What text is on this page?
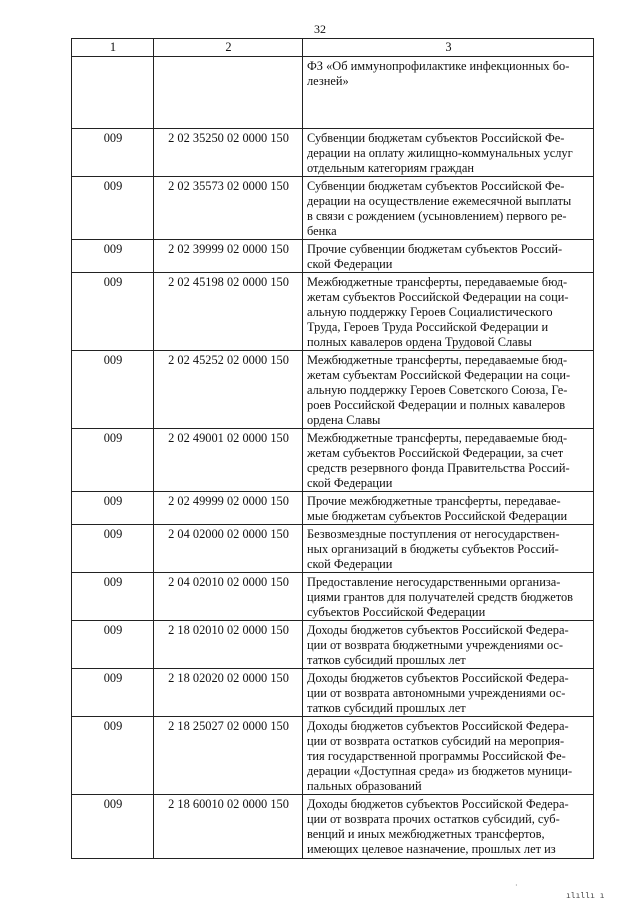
32
1	2	3

		ФЗ «Об иммунопрофилактике инфекционных бо-
лезней»

009	2 02 35250 02 0000 150	Субвенции бюджетам субъектов Российской Фе-
дерации на оплату жилищно-коммунальных услуг
отдельным категориям граждан

009	2 02 35573 02 0000 150	Субвенции бюджетам субъектов Российской Фе-
дерации на осуществление ежемесячной выплаты
в связи с рождением (усыновлением) первого ре-
бенка

009	2 02 39999 02 0000 150	Прочие субвенции бюджетам субъектов Россий-
ской Федерации

009	2 02 45198 02 0000 150	Межбюджетные трансферты, передаваемые бюд-
жетам субъектов Российской Федерации на соци-
альную поддержку Героев Социалистического
Труда, Героев Труда Российской Федерации и
полных кавалеров ордена Трудовой Славы

009	2 02 45252 02 0000 150	Межбюджетные трансферты, передаваемые бюд-
жетам субъектам Российской Федерации на соци-
альную поддержку Героев Советского Союза, Ге-
роев Российской Федерации и полных кавалеров
ордена Славы

009	2 02 49001 02 0000 150	Межбюджетные трансферты, передаваемые бюд-
жетам субъектов Российской Федерации, за счет
средств резервного фонда Правительства Россий-
ской Федерации

009	2 02 49999 02 0000 150	Прочие межбюджетные трансферты, передавае-
мые бюджетам субъектов Российской Федерации

009	2 04 02000 02 0000 150	Безвозмездные поступления от негосударствен-
ных организаций в бюджеты субъектов Россий-
ской Федерации

009	2 04 02010 02 0000 150	Предоставление негосударственными организа-
циями грантов для получателей средств бюджетов
субъектов Российской Федерации

009	2 18 02010 02 0000 150	Доходы бюджетов субъектов Российской Федера-
ции от возврата бюджетными учреждениями ос-
татков субсидий прошлых лет

009	2 18 02020 02 0000 150	Доходы бюджетов субъектов Российской Федера-
ции от возврата автономными учреждениями ос-
татков субсидий прошлых лет

009	2 18 25027 02 0000 150	Доходы бюджетов субъектов Российской Федера-
ции от возврата остатков субсидий на мероприя-
тия государственной программы Российской Фе-
дерации «Доступная среда» из бюджетов муници-
пальных образований

009	2 18 60010 02 0000 150	Доходы бюджетов субъектов Российской Федера-
ции от возврата прочих остатков субсидий, суб-
венций и иных межбюджетных трансфертов,
имеющих целевое назначение, прошлых лет из
·
ılıllı ı
